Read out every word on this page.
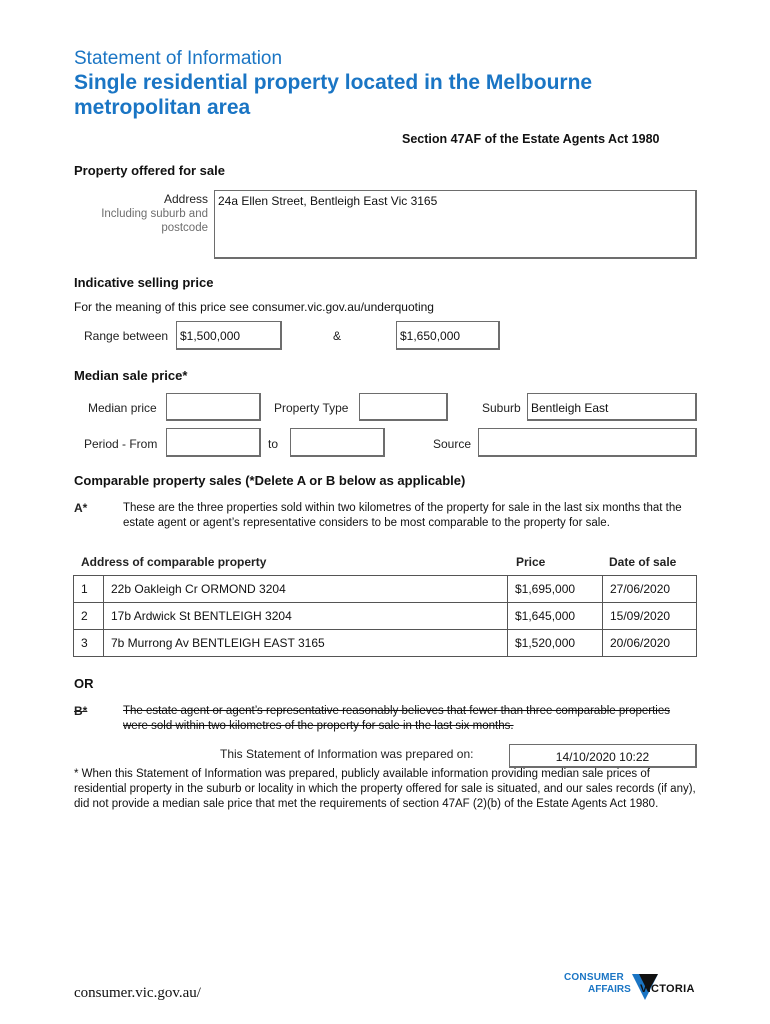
Statement of Information
Single residential property located in the Melbourne metropolitan area
Section 47AF of the Estate Agents Act 1980
Property offered for sale
Address
Including suburb and
postcode
24a Ellen Street, Bentleigh East Vic 3165
Indicative selling price
For the meaning of this price see consumer.vic.gov.au/underquoting
Range between $1,500,000	&	$1,650,000
Median sale price*
Median price	Property Type	Suburb Bentleigh East
Period - From	to	Source
Comparable property sales (*Delete A or B below as applicable)
A*	These are the three properties sold within two kilometres of the property for sale in the last six months that the estate agent or agent’s representative considers to be most comparable to the property for sale.
Address of comparable property	Price	Date of sale
1	22b Oakleigh Cr ORMOND 3204	$1,695,000	27/06/2020
2	17b Ardwick St BENTLEIGH 3204	$1,645,000	15/09/2020
3	7b Murrong Av BENTLEIGH EAST 3165	$1,520,000	20/06/2020
OR
B*	The estate agent or agent’s representative reasonably believes that fewer than three comparable properties were sold within two kilometres of the property for sale in the last six months.
This Statement of Information was prepared on:	14/10/2020 10:22
* When this Statement of Information was prepared, publicly available information providing median sale prices of residential property in the suburb or locality in which the property offered for sale is situated, and our sales records (if any), did not provide a median sale price that met the requirements of section 47AF (2)(b) of the Estate Agents Act 1980.
consumer.vic.gov.au/
CONSUMER
AFFAIRS VICTORIA
